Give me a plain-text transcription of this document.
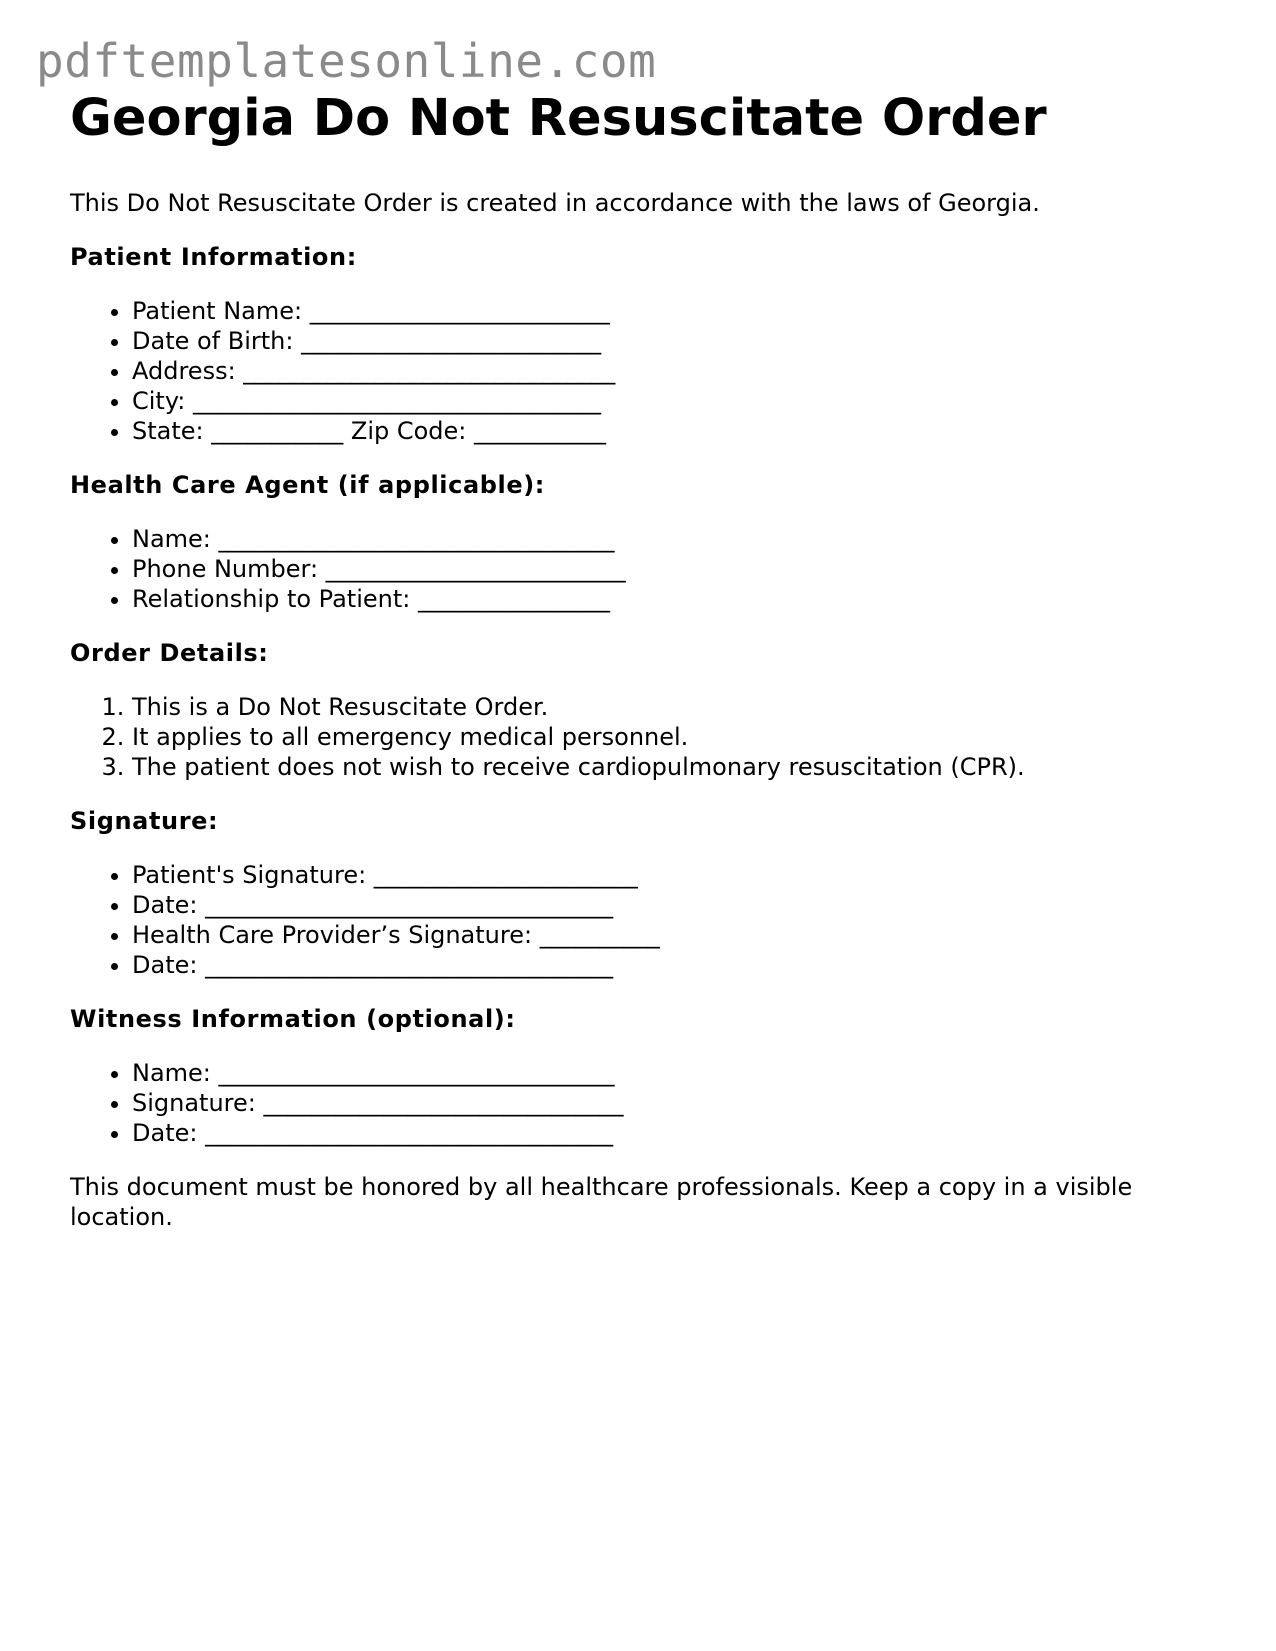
pdftemplatesonline.com
Georgia Do Not Resuscitate Order

This Do Not Resuscitate Order is created in accordance with the laws of Georgia.

Patient Information:
• Patient Name: _________________________
• Date of Birth: _________________________
• Address: _______________________________
• City: __________________________________
• State: ___________ Zip Code: ___________
Health Care Agent (if applicable):
• Name: _________________________________
• Phone Number: _________________________
• Relationship to Patient: ________________
Order Details:
1. This is a Do Not Resuscitate Order.
2. It applies to all emergency medical personnel.
3. The patient does not wish to receive cardiopulmonary resuscitation (CPR).
Signature:
• Patient's Signature: ______________________
• Date: __________________________________
• Health Care Provider’s Signature: __________
• Date: __________________________________
Witness Information (optional):
• Name: _________________________________
• Signature: ______________________________
• Date: __________________________________

This document must be honored by all healthcare professionals. Keep a copy in a visible location.
